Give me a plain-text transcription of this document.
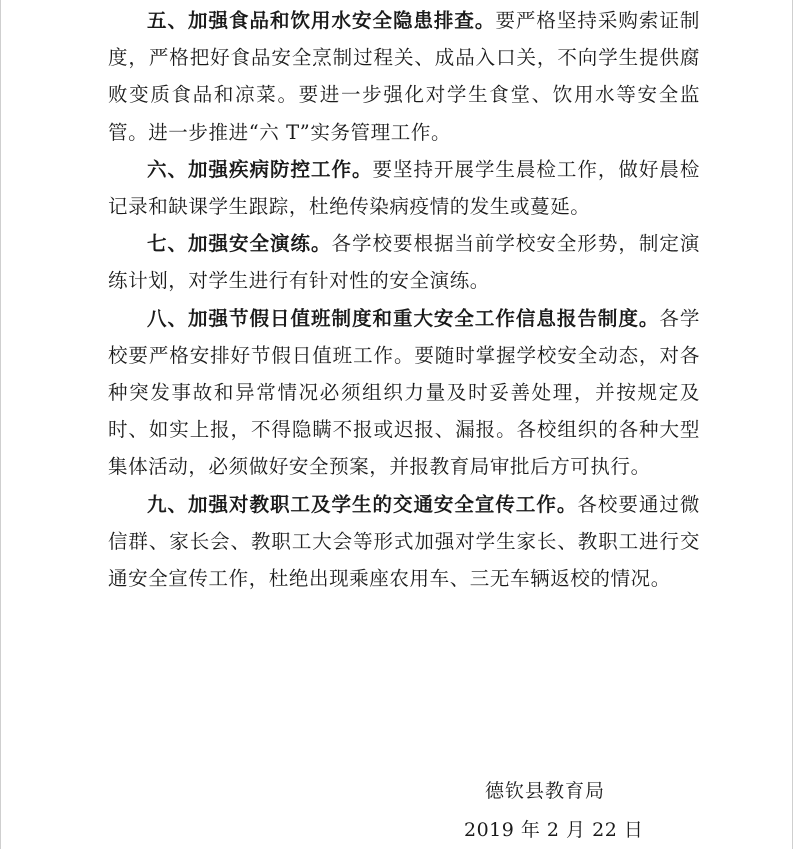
五、加强食品和饮用水安全隐患排查。要严格坚持采购索证制度，严格把好食品安全烹制过程关、成品入口关，不向学生提供腐败变质食品和凉菜。要进一步强化对学生食堂、饮用水等安全监管。进一步推进“六 T”实务管理工作。

六、加强疾病防控工作。要坚持开展学生晨检工作，做好晨检记录和缺课学生跟踪，杜绝传染病疫情的发生或蔓延。

七、加强安全演练。各学校要根据当前学校安全形势，制定演练计划，对学生进行有针对性的安全演练。

八、加强节假日值班制度和重大安全工作信息报告制度。各学校要严格安排好节假日值班工作。要随时掌握学校安全动态，对各种突发事故和异常情况必须组织力量及时妥善处理，并按规定及时、如实上报，不得隐瞒不报或迟报、漏报。各校组织的各种大型集体活动，必须做好安全预案，并报教育局审批后方可执行。

九、加强对教职工及学生的交通安全宣传工作。各校要通过微信群、家长会、教职工大会等形式加强对学生家长、教职工进行交通安全宣传工作，杜绝出现乘座农用车、三无车辆返校的情况。

德钦县教育局
2019 年 2 月 22 日
